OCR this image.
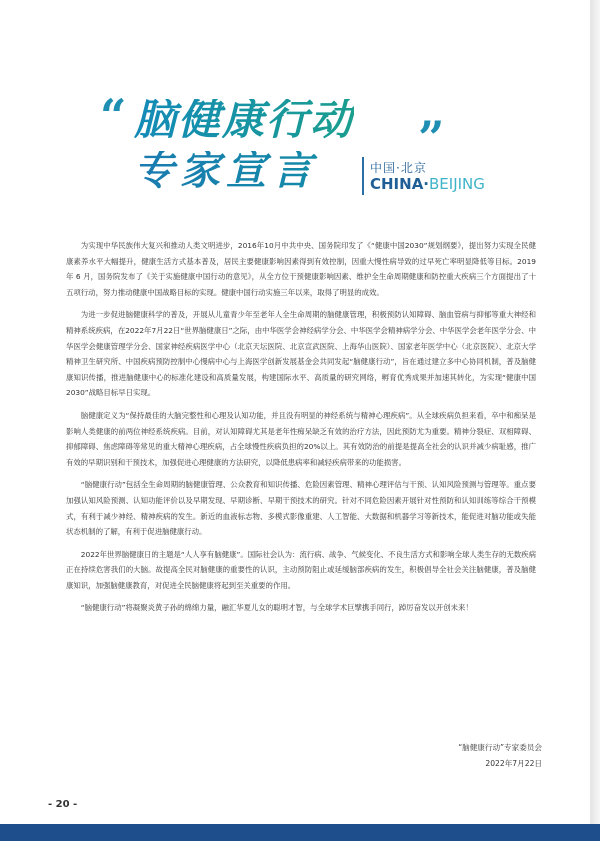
“ 脑健康行动 ”
专家宣言	中国·北京
CHINA·BEIJING

为实现中华民族伟大复兴和推动人类文明进步，2016年10月中共中央、国务院印发了《“健康中国2030”规划纲要》，提出努力实现全民健康素养水平大幅提升，健康生活方式基本普及，居民主要健康影响因素得到有效控制，因重大慢性病导致的过早死亡率明显降低等目标。2019 年 6 月，国务院发布了《关于实施健康中国行动的意见》，从全方位干预健康影响因素、维护全生命周期健康和防控重大疾病三个方面提出了十五项行动，努力推动健康中国战略目标的实现。健康中国行动实施三年以来，取得了明显的成效。

为进一步促进脑健康科学的普及，开展从儿童青少年至老年人全生命周期的脑健康管理，积极预防认知障碍、脑血管病与抑郁等重大神经和精神系统疾病，在2022年7月22日“世界脑健康日”之际，由中华医学会神经病学分会、中华医学会精神病学分会、中华医学会老年医学分会、中华医学会健康管理学分会、国家神经疾病医学中心（北京天坛医院、北京宣武医院、上海华山医院）、国家老年医学中心（北京医院）、北京大学精神卫生研究所、中国疾病预防控制中心慢病中心与上海医学创新发展基金会共同发起“脑健康行动”，旨在通过建立多中心协同机制，普及脑健康知识传播，推进脑健康中心的标准化建设和高质量发展，构建国际水平、高质量的研究网络，孵育优秀成果并加速其转化，为实现“健康中国2030”战略目标早日实现。

脑健康定义为“保持最佳的大脑完整性和心理及认知功能，并且没有明显的神经系统与精神心理疾病”。从全球疾病负担来看，卒中和痴呆是影响人类健康的前两位神经系统疾病。目前，对认知障碍尤其是老年性痴呆缺乏有效的治疗方法，因此预防尤为重要。精神分裂症、双相障碍、抑郁障碍、焦虑障碍等常见的重大精神心理疾病，占全球慢性疾病负担的20%以上。其有效防治的前提是提高全社会的认识并减少病耻感，推广有效的早期识别和干预技术，加强促进心理健康的方法研究，以降低患病率和减轻疾病带来的功能损害。

“脑健康行动”包括全生命周期的脑健康管理、公众教育和知识传播、危险因素管理、精神心理评估与干预、认知风险预测与管理等。重点要加强认知风险预测、认知功能评价以及早期发现、早期诊断、早期干预技术的研究。针对不同危险因素开展针对性预防和认知训练等综合干预模式，有利于减少神经、精神疾病的发生。新近的血液标志物、多模式影像重建、人工智能、大数据和机器学习等新技术，能促进对脑功能或失能状态机制的了解，有利于促进脑健康行动。

2022年世界脑健康日的主题是“人人享有脑健康”。国际社会认为：流行病、战争、气候变化、不良生活方式和影响全球人类生存的无数疾病正在持续危害我们的大脑。故提高全民对脑健康的重要性的认识，主动预防阻止或延缓脑部疾病的发生，积极倡导全社会关注脑健康，普及脑健康知识，加强脑健康教育，对促进全民脑健康将起到至关重要的作用。

“脑健康行动”将凝聚炎黄子孙的绵绵力量，融汇华夏儿女的聪明才智，与全球学术巨擘携手同行，踔厉奋发以开创未来！

“脑健康行动”专家委员会
2022年7月22日
- 20 -
